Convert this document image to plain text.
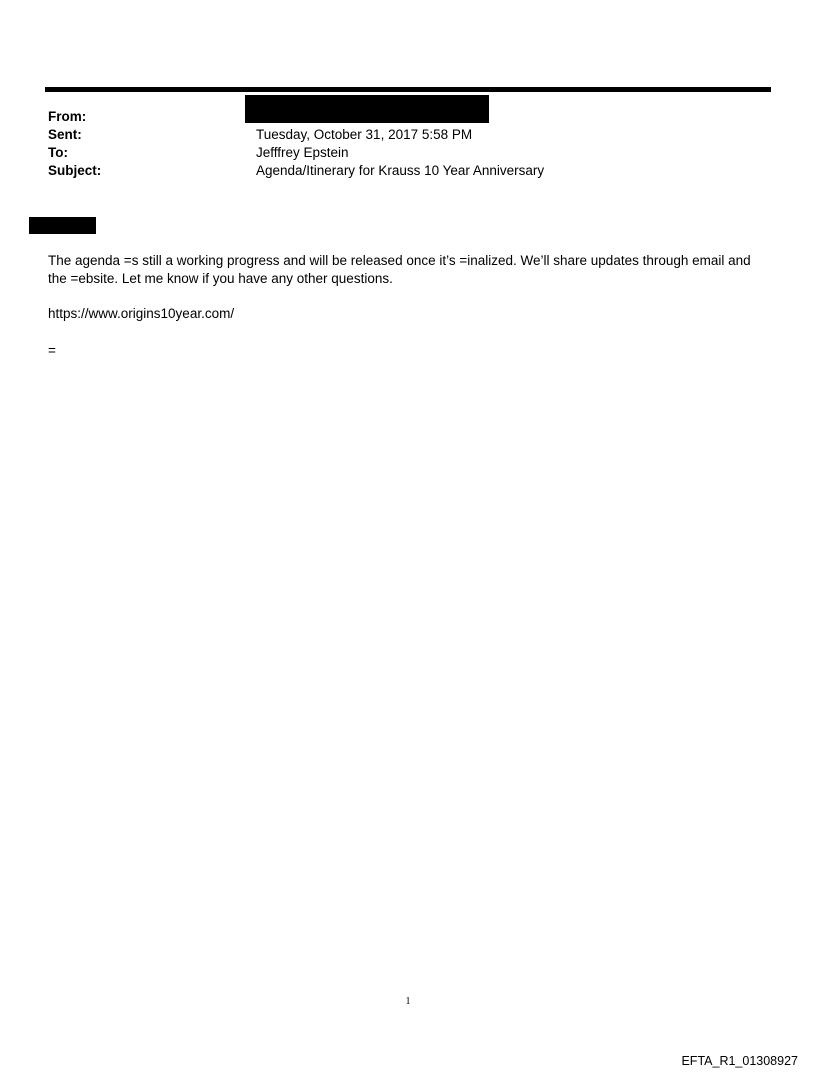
From:
Sent:	Tuesday, October 31, 2017 5:58 PM
To:	Jefffrey Epstein
Subject:	Agenda/Itinerary for Krauss 10 Year Anniversary
The agenda =s still a working progress and will be released once it’s =inalized. We’ll share updates through email and the =ebsite. Let me know if you have any other questions.
https://www.origins10year.com/
=
1
EFTA_R1_01308927
